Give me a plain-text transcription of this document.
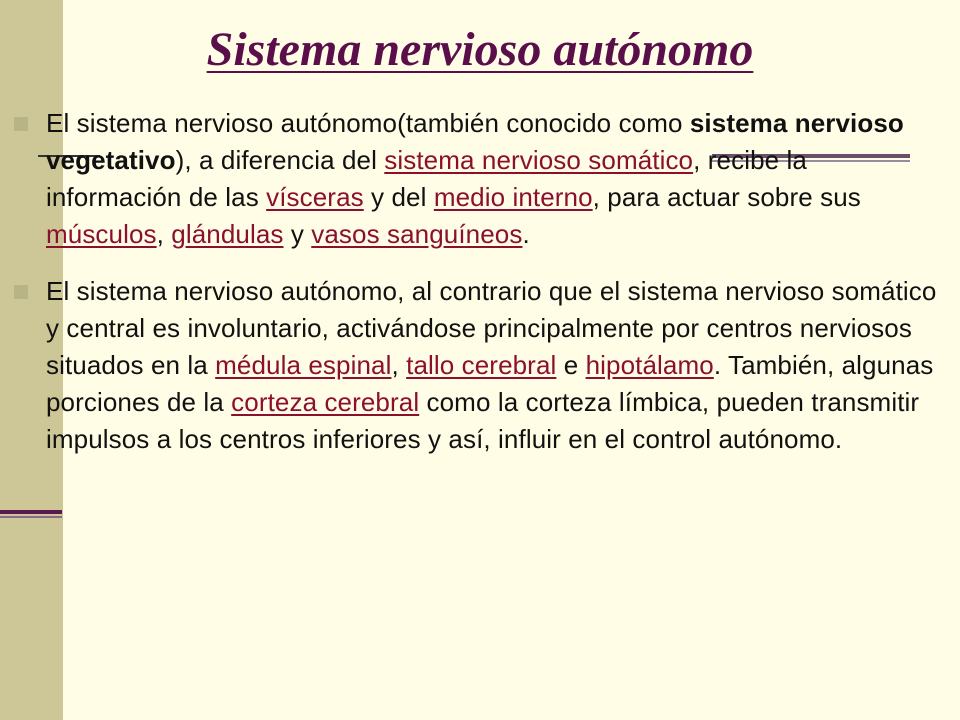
Sistema nervioso autónomo

El sistema nervioso autónomo(también conocido como sistema nervioso vegetativo), a diferencia del sistema nervioso somático, recibe la información de las vísceras y del medio interno, para actuar sobre sus músculos, glándulas y vasos sanguíneos.

El sistema nervioso autónomo, al contrario que el sistema nervioso somático y central es involuntario, activándose principalmente por centros nerviosos situados en la médula espinal, tallo cerebral e hipotálamo. También, algunas porciones de la corteza cerebral como la corteza límbica, pueden transmitir impulsos a los centros inferiores y así, influir en el control autónomo.
